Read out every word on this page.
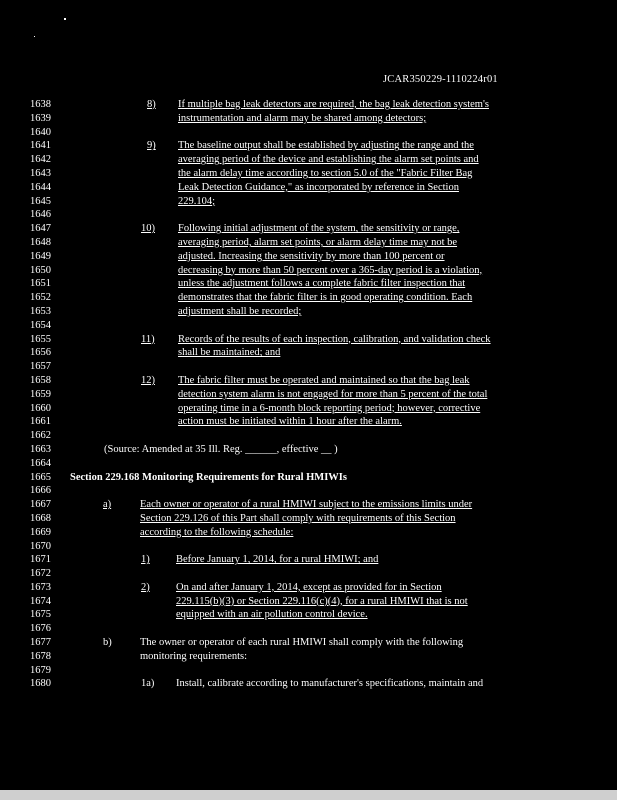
JCAR350229-1110224r01
1638	8) If multiple bag leak detectors are required, the bag leak detection system's
1639	instrumentation and alarm may be shared among detectors;
1640
1641	9) The baseline output shall be established by adjusting the range and the
1642	averaging period of the device and establishing the alarm set points and
1643	the alarm delay time according to section 5.0 of the "Fabric Filter Bag
1644	Leak Detection Guidance," as incorporated by reference in Section
1645	229.104;
1646
1647	10) Following initial adjustment of the system, the sensitivity or range,
1648	averaging period, alarm set points, or alarm delay time may not be
1649	adjusted. Increasing the sensitivity by more than 100 percent or
1650	decreasing by more than 50 percent over a 365-day period is a violation,
1651	unless the adjustment follows a complete fabric filter inspection that
1652	demonstrates that the fabric filter is in good operating condition. Each
1653	adjustment shall be recorded;
1654
1655	11) Records of the results of each inspection, calibration, and validation check
1656	shall be maintained; and
1657
1658	12) The fabric filter must be operated and maintained so that the bag leak
1659	detection system alarm is not engaged for more than 5 percent of the total
1660	operating time in a 6-month block reporting period; however, corrective
1661	action must be initiated within 1 hour after the alarm.
1662
1663	(Source: Amended at 35 Ill. Reg. ______, effective __ )
1664
1665	Section 229.168 Monitoring Requirements for Rural HMIWIs
1666
1667	a)	Each owner or operator of a rural HMIWI subject to the emissions limits under
1668	Section 229.126 of this Part shall comply with requirements of this Section
1669	according to the following schedule:
1670
1671	1)	Before January 1, 2014, for a rural HMIWI; and
1672
1673	2)	On and after January 1, 2014, except as provided for in Section
1674	229.115(b)(3) or Section 229.116(c)(4), for a rural HMIWI that is not
1675	equipped with an air pollution control device.
1676
1677	b)	The owner or operator of each rural HMIWI shall comply with the following
1678	monitoring requirements:
1679
1680	1a) Install, calibrate according to manufacturer's specifications, maintain and
